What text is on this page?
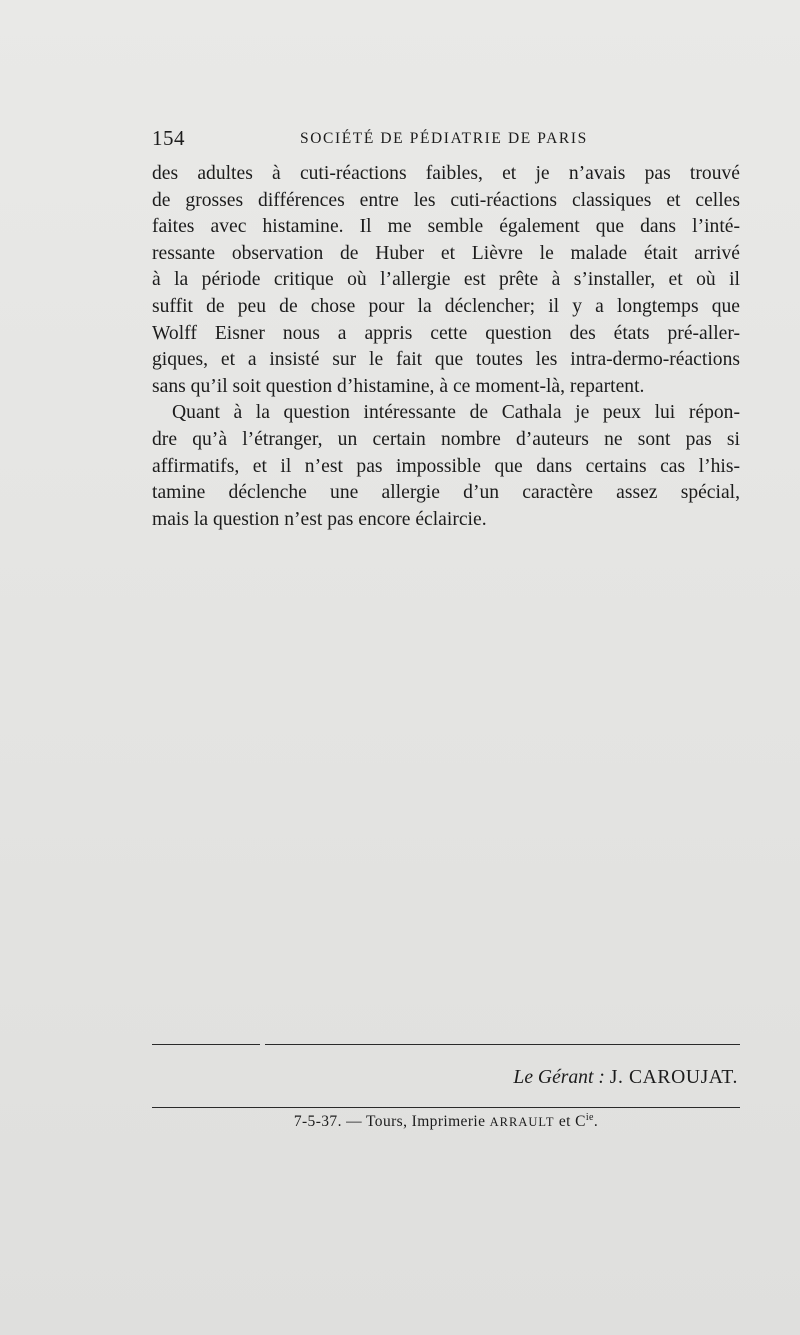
154	SOCIÉTÉ DE PÉDIATRIE DE PARIS

des adultes à cuti-réactions faibles, et je n’avais pas trouvé
de grosses différences entre les cuti-réactions classiques et celles
faites avec histamine. Il me semble également que dans l’inté-
ressante observation de Huber et Lièvre le malade était arrivé
à la période critique où l’allergie est prête à s’installer, et où il
suffit de peu de chose pour la déclencher; il y a longtemps que
Wolff Eisner nous a appris cette question des états pré-aller-
giques, et a insisté sur le fait que toutes les intra-dermo-réactions
sans qu’il soit question d’histamine, à ce moment-là, repartent.

Quant à la question intéressante de Cathala je peux lui répon-
dre qu’à l’étranger, un certain nombre d’auteurs ne sont pas si
affirmatifs, et il n’est pas impossible que dans certains cas l’his-
tamine déclenche une allergie d’un caractère assez spécial,
mais la question n’est pas encore éclaircie.

Le Gérant : J. CAROUJAT.
7-5-37. — Tours, Imprimerie ARRAULT et $C^{ie}$.
